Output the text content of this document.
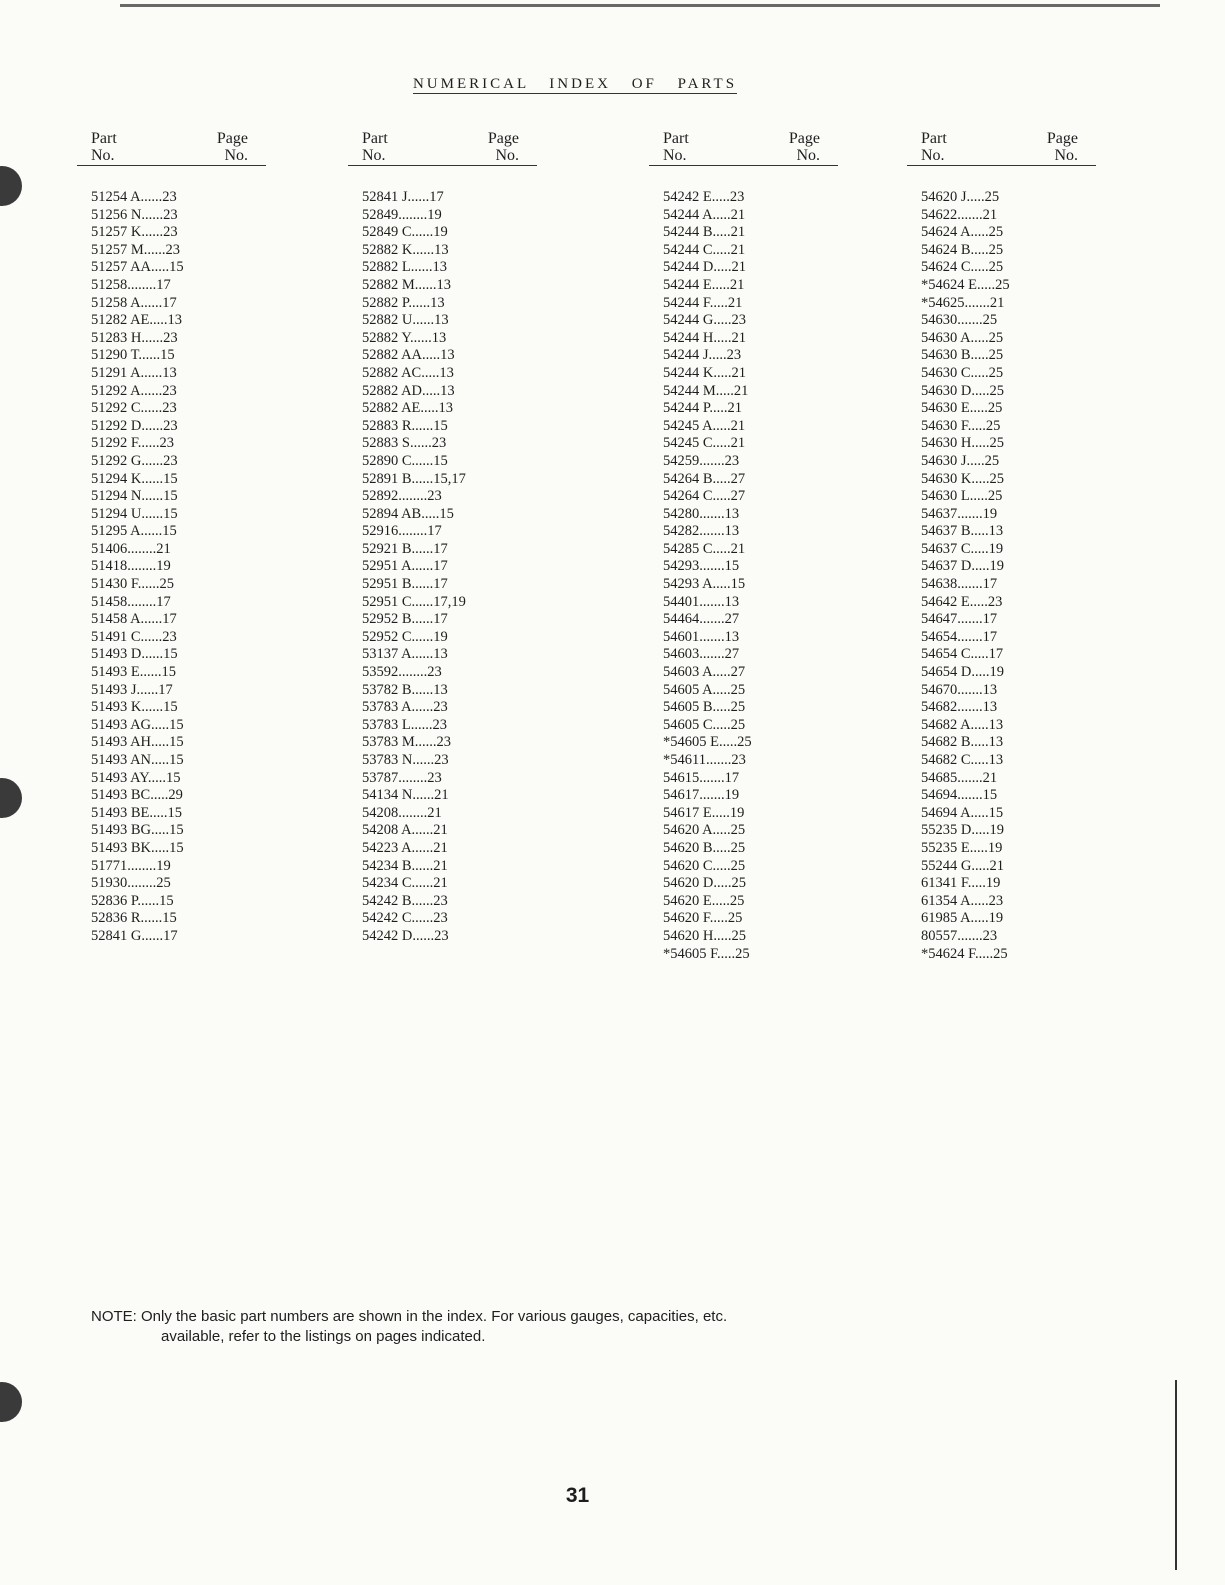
NUMERICAL INDEX OF PARTS
Part
No.
Page
No.
51254 A......23
51256 N......23
51257 K......23
51257 M......23
51257 AA.....15
51258........17
51258 A......17
51282 AE.....13
51283 H......23
51290 T......15
51291 A......13
51292 A......23
51292 C......23
51292 D......23
51292 F......23
51292 G......23
51294 K......15
51294 N......15
51294 U......15
51295 A......15
51406........21
51418........19
51430 F......25
51458........17
51458 A......17
51491 C......23
51493 D......15
51493 E......15
51493 J......17
51493 K......15
51493 AG.....15
51493 AH.....15
51493 AN.....15
51493 AY.....15
51493 BC.....29
51493 BE.....15
51493 BG.....15
51493 BK.....15
51771........19
51930........25
52836 P......15
52836 R......15
52841 G......17
Part
No.
Page
No.
52841 J......17
52849........19
52849 C......19
52882 K......13
52882 L......13
52882 M......13
52882 P......13
52882 U......13
52882 Y......13
52882 AA.....13
52882 AC.....13
52882 AD.....13
52882 AE.....13
52883 R......15
52883 S......23
52890 C......15
52891 B......15,17
52892........23
52894 AB.....15
52916........17
52921 B......17
52951 A......17
52951 B......17
52951 C......17,19
52952 B......17
52952 C......19
53137 A......13
53592........23
53782 B......13
53783 A......23
53783 L......23
53783 M......23
53783 N......23
53787........23
54134 N......21
54208........21
54208 A......21
54223 A......21
54234 B......21
54234 C......21
54242 B......23
54242 C......23
54242 D......23
Part
No.
Page
No.
54242 E.....23
54244 A.....21
54244 B.....21
54244 C.....21
54244 D.....21
54244 E.....21
54244 F.....21
54244 G.....23
54244 H.....21
54244 J.....23
54244 K.....21
54244 M.....21
54244 P.....21
54245 A.....21
54245 C.....21
54259.......23
54264 B.....27
54264 C.....27
54280.......13
54282.......13
54285 C.....21
54293.......15
54293 A.....15
54401.......13
54464.......27
54601.......13
54603.......27
54603 A.....27
54605 A.....25
54605 B.....25
54605 C.....25
*54605 E.....25
*54611.......23
54615.......17
54617.......19
54617 E.....19
54620 A.....25
54620 B.....25
54620 C.....25
54620 D.....25
54620 E.....25
54620 F.....25
54620 H.....25
*54605 F.....25
Part
No.
Page
No.
54620 J.....25
54622.......21
54624 A.....25
54624 B.....25
54624 C.....25
*54624 E.....25
*54625.......21
54630.......25
54630 A.....25
54630 B.....25
54630 C.....25
54630 D.....25
54630 E.....25
54630 F.....25
54630 H.....25
54630 J.....25
54630 K.....25
54630 L.....25
54637.......19
54637 B.....13
54637 C.....19
54637 D.....19
54638.......17
54642 E.....23
54647.......17
54654.......17
54654 C.....17
54654 D.....19
54670.......13
54682.......13
54682 A.....13
54682 B.....13
54682 C.....13
54685.......21
54694.......15
54694 A.....15
55235 D.....19
55235 E.....19
55244 G.....21
61341 F.....19
61354 A.....23
61985 A.....19
80557.......23
*54624 F.....25
NOTE: Only the basic part numbers are shown in the index. For various gauges, capacities, etc.
available, refer to the listings on pages indicated.
31
